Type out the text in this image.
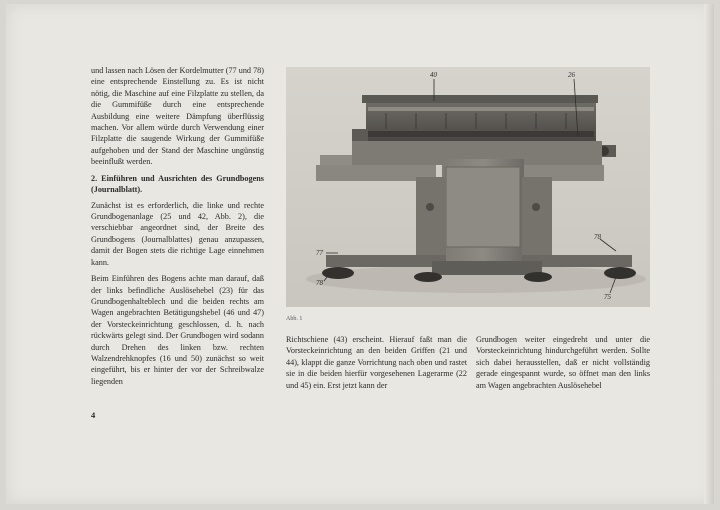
und lassen nach Lösen der Kordelmutter (77 und 78) eine entsprechende Einstellung zu. Es ist nicht nötig, die Maschine auf eine Filzplatte zu stellen, da die Gummifüße durch eine entsprechende Ausbildung eine weitere Dämpfung überflüssig machen. Vor allem würde durch Verwendung einer Filzplatte die saugende Wirkung der Gummifüße aufgehoben und der Stand der Maschine ungünstig beeinflußt werden.

2. Einführen und Ausrichten des Grundbogens (Journalblatt).

Zunächst ist es erforderlich, die linke und rechte Grundbogenanlage (25 und 42, Abb. 2), die verschiebbar angeordnet sind, der Breite des Grundbogens (Journalblattes) genau anzupassen, damit der Bogen stets die richtige Lage einnehmen kann.

Beim Einführen des Bogens achte man darauf, daß der links befindliche Auslösehebel (23) für das Grundbogenhalteblech und die beiden rechts am Wagen angebrachten Betätigungshebel (46 und 47) der Vorsteckeinrichtung geschlossen, d. h. nach rückwärts gelegt sind. Der Grundbogen wird sodann durch Drehen des linken bzw. rechten Walzendrehknopfes (16 und 50) zunächst so weit eingeführt, bis er hinter der vor der Schreibwalze liegenden

4
40	26
77
78
78
75
Abb. 1
Richtschiene (43) erscheint. Hierauf faßt man die Vorsteckeinrichtung an den beiden Griffen (21 und 44), klappt die ganze Vorrichtung nach oben und rastet sie in die beiden hierfür vorgesehenen Lagerarme (22 und 45) ein. Erst jetzt kann der
Grundbogen weiter eingedreht und unter die Vorsteckeinrichtung hindurchgeführt werden. Sollte sich dabei herausstellen, daß er nicht vollständig gerade eingespannt wurde, so öffnet man den links am Wagen angebrachten Auslösehebel
